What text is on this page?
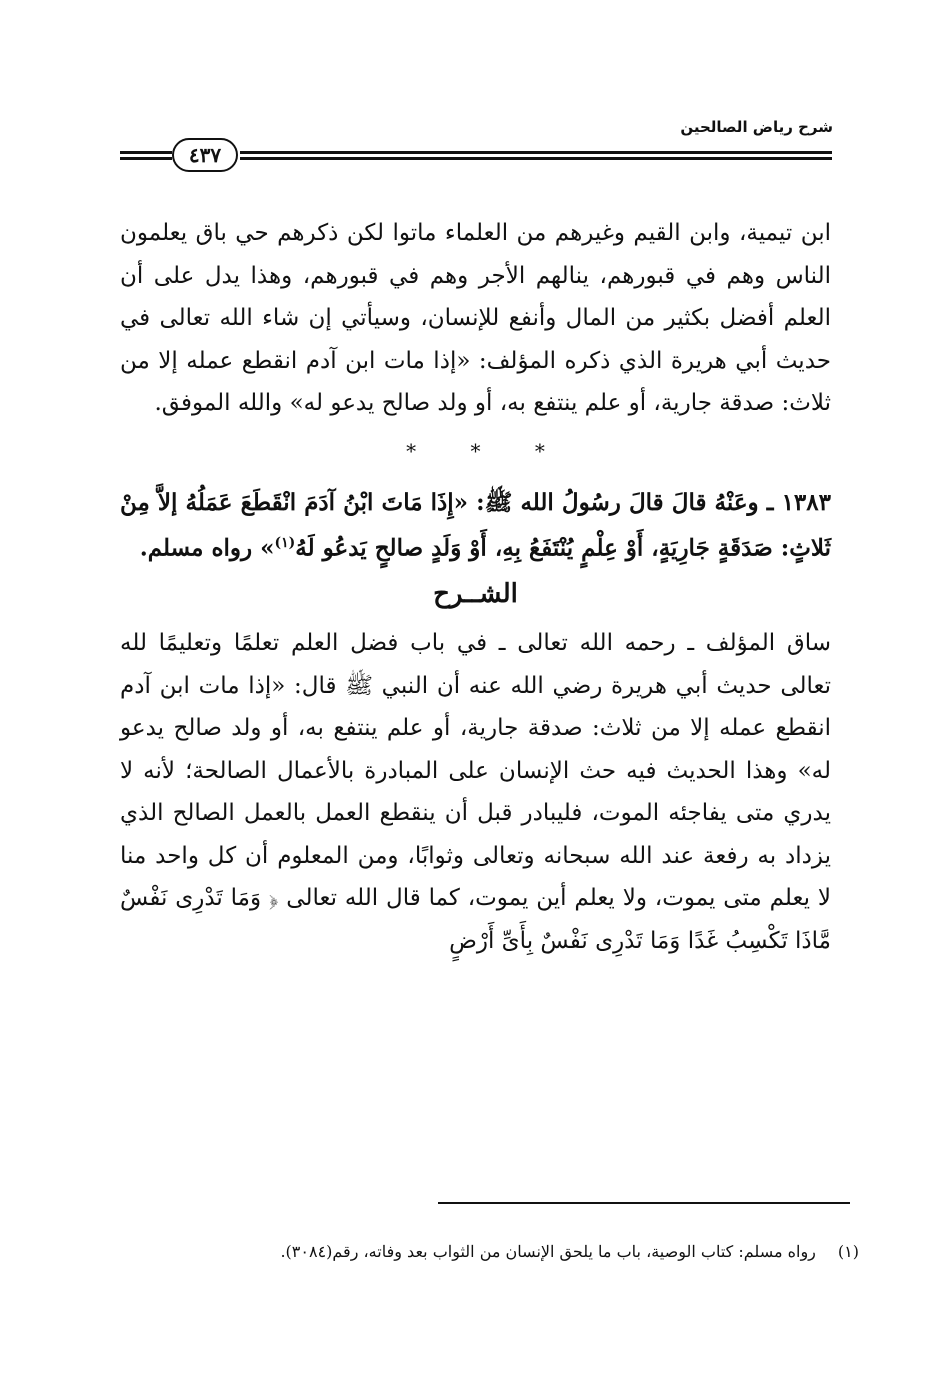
شرح رياض الصالحين
٤٣٧

ابن تيمية، وابن القيم وغيرهم من العلماء ماتوا لكن ذكرهم حي باق يعلمون الناس وهم في قبورهم، ينالهم الأجر وهم في قبورهم، وهذا يدل على أن العلم أفضل بكثير من المال وأنفع للإنسان، وسيأتي إن شاء الله تعالى في حديث أبي هريرة الذي ذكره المؤلف: «إذا مات ابن آدم انقطع عمله إلا من ثلاث: صدقة جارية، أو علم ينتفع به، أو ولد صالح يدعو له» والله الموفق.

* * *

١٣٨٣ ـ وعَنْهُ قالَ قالَ رسُولُ الله ﷺ: «إِذَا مَاتَ ابْنُ آدَمَ انْقَطَعَ عَمَلُهُ إلاَّ مِنْ ثَلاثٍ: صَدَقَةٍ جَارِيَةٍ، أَوْ عِلْمٍ يُنْتَفَعُ بِهِ، أَوْ وَلَدٍ صالحٍ يَدعُو لَهُ$^{(١)}$» رواه مسلم.

الشــرح

ساق المؤلف ـ رحمه الله تعالى ـ في باب فضل العلم تعلمًا وتعليمًا لله تعالى حديث أبي هريرة رضي الله عنه أن النبي ﷺ قال: «إذا مات ابن آدم انقطع عمله إلا من ثلاث: صدقة جارية، أو علم ينتفع به، أو ولد صالح يدعو له» وهذا الحديث فيه حث الإنسان على المبادرة بالأعمال الصالحة؛ لأنه لا يدري متى يفاجئه الموت، فليبادر قبل أن ينقطع العمل بالعمل الصالح الذي يزداد به رفعة عند الله سبحانه وتعالى وثوابًا، ومن المعلوم أن كل واحد منا لا يعلم متى يموت، ولا يعلم أين يموت، كما قال الله تعالى ﴿ وَمَا تَدْرِى نَفْسٌ مَّاذَا تَكْسِبُ غَدًا وَمَا تَدْرِى نَفْسٌ بِأَىِّ أَرْضٍ

(١)رواه مسلم: كتاب الوصية، باب ما يلحق الإنسان من الثواب بعد وفاته، رقم(٣٠٨٤).
